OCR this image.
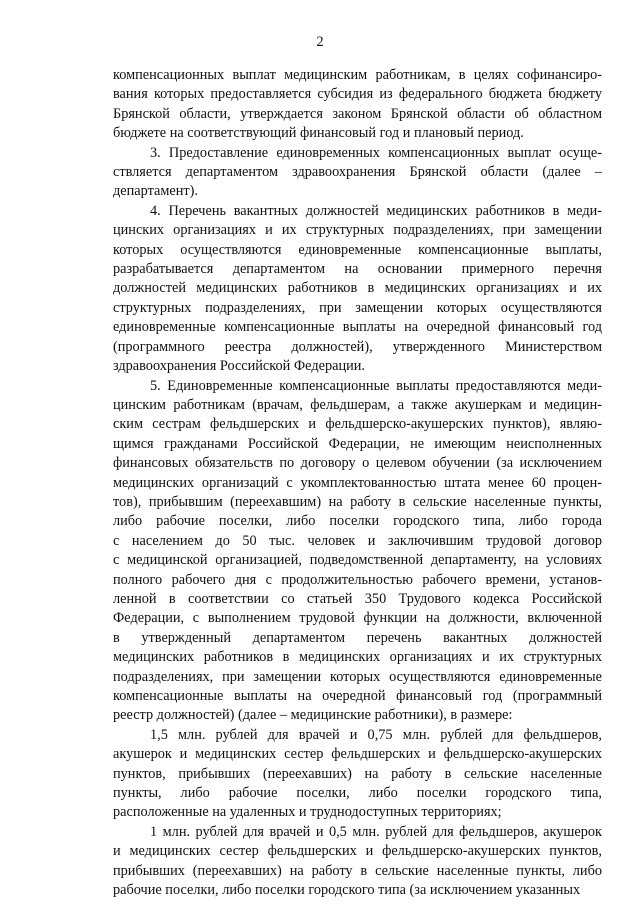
2

компенсационных выплат медицинским работникам, в целях софинансиро-
вания которых предоставляется субсидия из федерального бюджета бюджету
Брянской области, утверждается законом Брянской области об областном
бюджете на соответствующий финансовый год и плановый период.

3. Предоставление единовременных компенсационных выплат осуще-
ствляется департаментом здравоохранения Брянской области (далее –
департамент).

4. Перечень вакантных должностей медицинских работников в меди-
цинских организациях и их структурных подразделениях, при замещении
которых осуществляются единовременные компенсационные выплаты,
разрабатывается департаментом на основании примерного перечня
должностей медицинских работников в медицинских организациях и их
структурных подразделениях, при замещении которых осуществляются
единовременные компенсационные выплаты на очередной финансовый год
(программного реестра должностей), утвержденного Министерством
здравоохранения Российской Федерации.

5. Единовременные компенсационные выплаты предоставляются меди-
цинским работникам (врачам, фельдшерам, а также акушеркам и медицин-
ским сестрам фельдшерских и фельдшерско-акушерских пунктов), являю-
щимся гражданами Российской Федерации, не имеющим неисполненных
финансовых обязательств по договору о целевом обучении (за исключением
медицинских организаций с укомплектованностью штата менее 60 процен-
тов), прибывшим (переехавшим) на работу в сельские населенные пункты,
либо рабочие поселки, либо поселки городского типа, либо города
с населением до 50 тыс. человек и заключившим трудовой договор
с медицинской организацией, подведомственной департаменту, на условиях
полного рабочего дня с продолжительностью рабочего времени, установ-
ленной в соответствии со статьей 350 Трудового кодекса Российской
Федерации, с выполнением трудовой функции на должности, включенной
в утвержденный департаментом перечень вакантных должностей
медицинских работников в медицинских организациях и их структурных
подразделениях, при замещении которых осуществляются единовременные
компенсационные выплаты на очередной финансовый год (программный
реестр должностей) (далее – медицинские работники), в размере:

1,5 млн. рублей для врачей и 0,75 млн. рублей для фельдшеров,
акушерок и медицинских сестер фельдшерских и фельдшерско-акушерских
пунктов, прибывших (переехавших) на работу в сельские населенные
пункты, либо рабочие поселки, либо поселки городского типа,
расположенные на удаленных и труднодоступных территориях;

1 млн. рублей для врачей и 0,5 млн. рублей для фельдшеров, акушерок
и медицинских сестер фельдшерских и фельдшерско-акушерских пунктов,
прибывших (переехавших) на работу в сельские населенные пункты, либо
рабочие поселки, либо поселки городского типа (за исключением указанных
